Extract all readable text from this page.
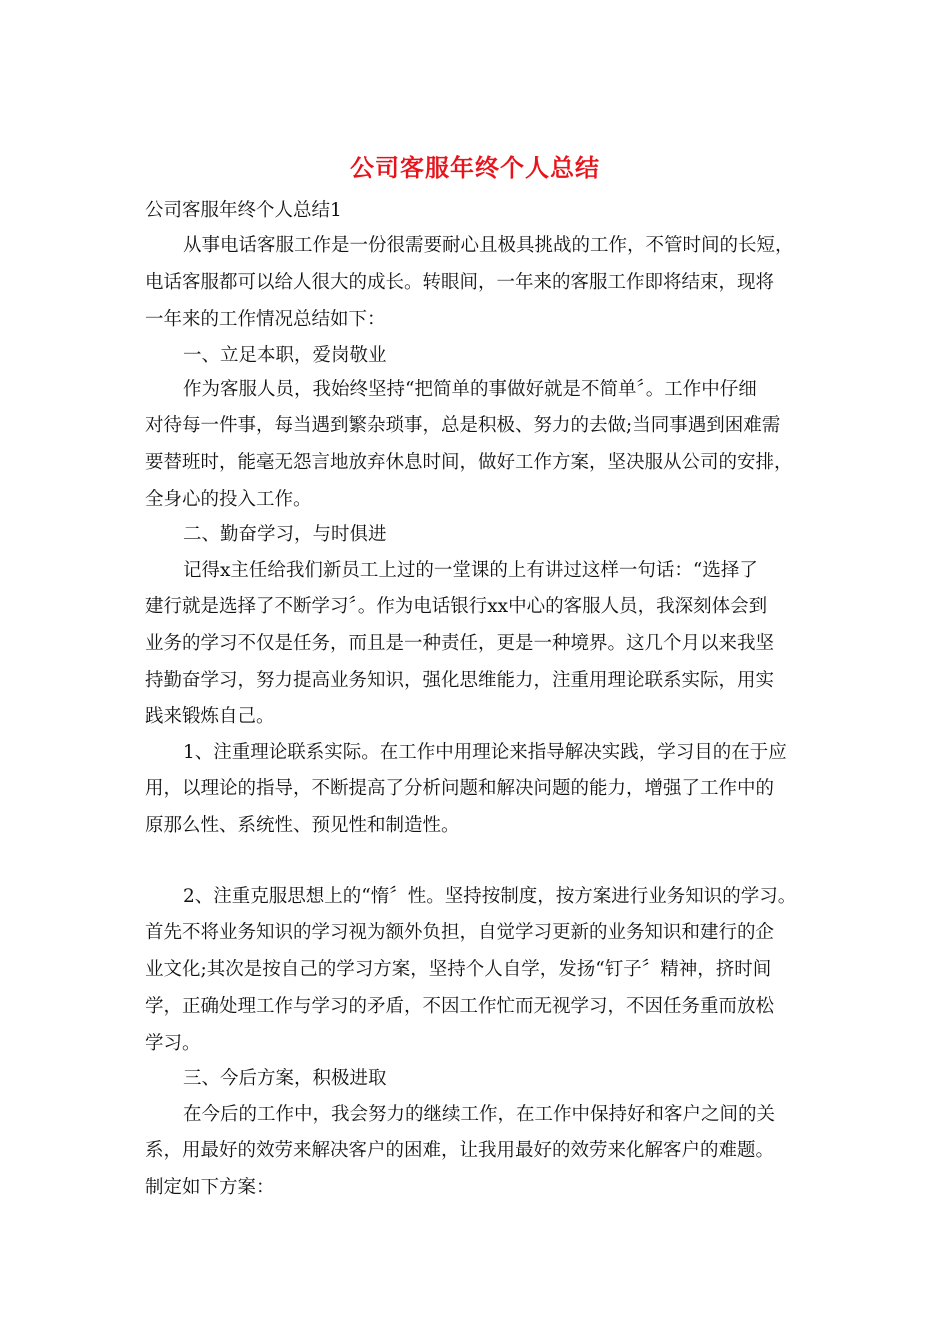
公司客服年终个人总结
公司客服年终个人总结1
从事电话客服工作是一份很需要耐心且极具挑战的工作，不管时间的长短，
电话客服都可以给人很大的成长。转眼间，一年来的客服工作即将结束，现将
一年来的工作情况总结如下：
一、立足本职，爱岗敬业
作为客服人员，我始终坚持“把简单的事做好就是不简单〞。工作中仔细
对待每一件事，每当遇到繁杂琐事，总是积极、努力的去做;当同事遇到困难需
要替班时，能毫无怨言地放弃休息时间，做好工作方案，坚决服从公司的安排，
全身心的投入工作。
二、勤奋学习，与时俱进
记得x主任给我们新员工上过的一堂课的上有讲过这样一句话：“选择了
建行就是选择了不断学习〞。作为电话银行xx中心的客服人员，我深刻体会到
业务的学习不仅是任务，而且是一种责任，更是一种境界。这几个月以来我坚
持勤奋学习，努力提高业务知识，强化思维能力，注重用理论联系实际，用实
践来锻炼自己。
1、注重理论联系实际。在工作中用理论来指导解决实践，学习目的在于应
用，以理论的指导，不断提高了分析问题和解决问题的能力，增强了工作中的
原那么性、系统性、预见性和制造性。
2、注重克服思想上的“惰〞性。坚持按制度，按方案进行业务知识的学习。
首先不将业务知识的学习视为额外负担，自觉学习更新的业务知识和建行的企
业文化;其次是按自己的学习方案，坚持个人自学，发扬“钉子〞精神，挤时间
学，正确处理工作与学习的矛盾，不因工作忙而无视学习，不因任务重而放松
学习。
三、今后方案，积极进取
在今后的工作中，我会努力的继续工作，在工作中保持好和客户之间的关
系，用最好的效劳来解决客户的困难，让我用最好的效劳来化解客户的难题。
制定如下方案：
